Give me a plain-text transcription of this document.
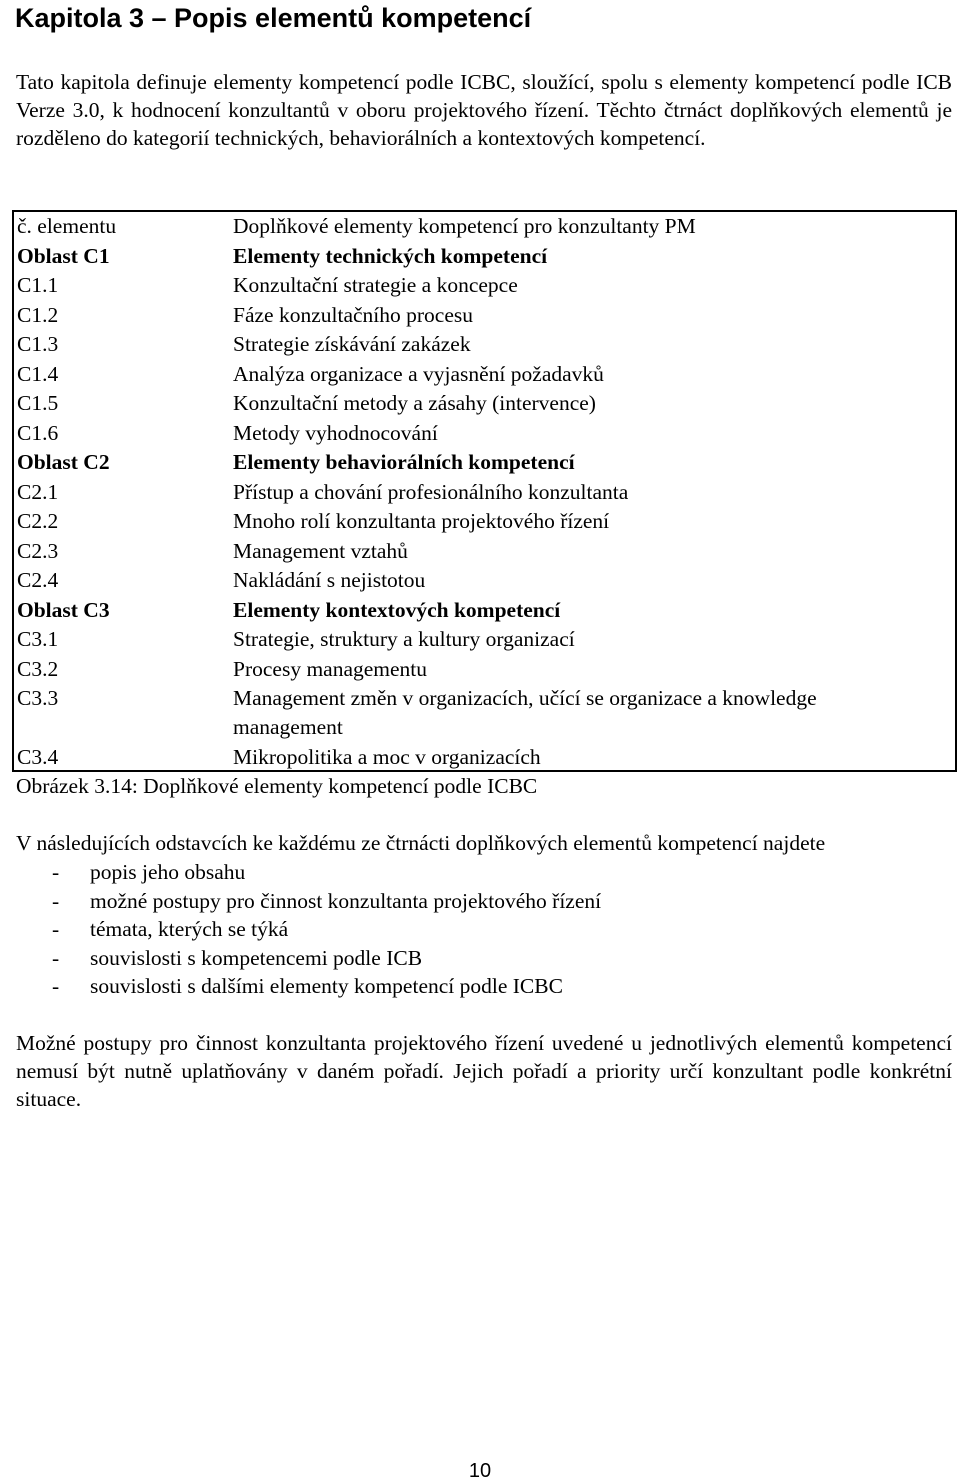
Kapitola 3 – Popis elementů kompetencí

Tato kapitola definuje elementy kompetencí podle ICBC, sloužící, spolu s elementy kompetencí podle ICB Verze 3.0, k hodnocení konzultantů v oboru projektového řízení. Těchto čtrnáct doplňkových elementů je rozděleno do kategorií technických, behaviorálních a kontextových kompetencí.

č. elementu	Doplňkové elementy kompetencí pro konzultanty PM
Oblast C1	Elementy technických kompetencí
C1.1	Konzultační strategie a koncepce
C1.2	Fáze konzultačního procesu
C1.3	Strategie získávání zakázek
C1.4	Analýza organizace a vyjasnění požadavků
C1.5	Konzultační metody a zásahy (intervence)
C1.6	Metody vyhodnocování
Oblast C2	Elementy behaviorálních kompetencí
C2.1	Přístup a chování profesionálního konzultanta
C2.2	Mnoho rolí konzultanta projektového řízení
C2.3	Management vztahů
C2.4	Nakládání s nejistotou
Oblast C3	Elementy kontextových kompetencí
C3.1	Strategie, struktury a kultury organizací
C3.2	Procesy managementu
C3.3	Management změn v organizacích, učící se organizace a knowledge
management
C3.4	Mikropolitika a moc v organizacích
Obrázek 3.14: Doplňkové elementy kompetencí podle ICBC
V následujících odstavcích ke každému ze čtrnácti doplňkových elementů kompetencí najdete
- popis jeho obsahu
- možné postupy pro činnost konzultanta projektového řízení
- témata, kterých se týká
- souvislosti s kompetencemi podle ICB
- souvislosti s dalšími elementy kompetencí podle ICBC

Možné postupy pro činnost konzultanta projektového řízení uvedené u jednotlivých elementů kompetencí nemusí být nutně uplatňovány v daném pořadí. Jejich pořadí a priority určí konzultant podle konkrétní situace.

10
